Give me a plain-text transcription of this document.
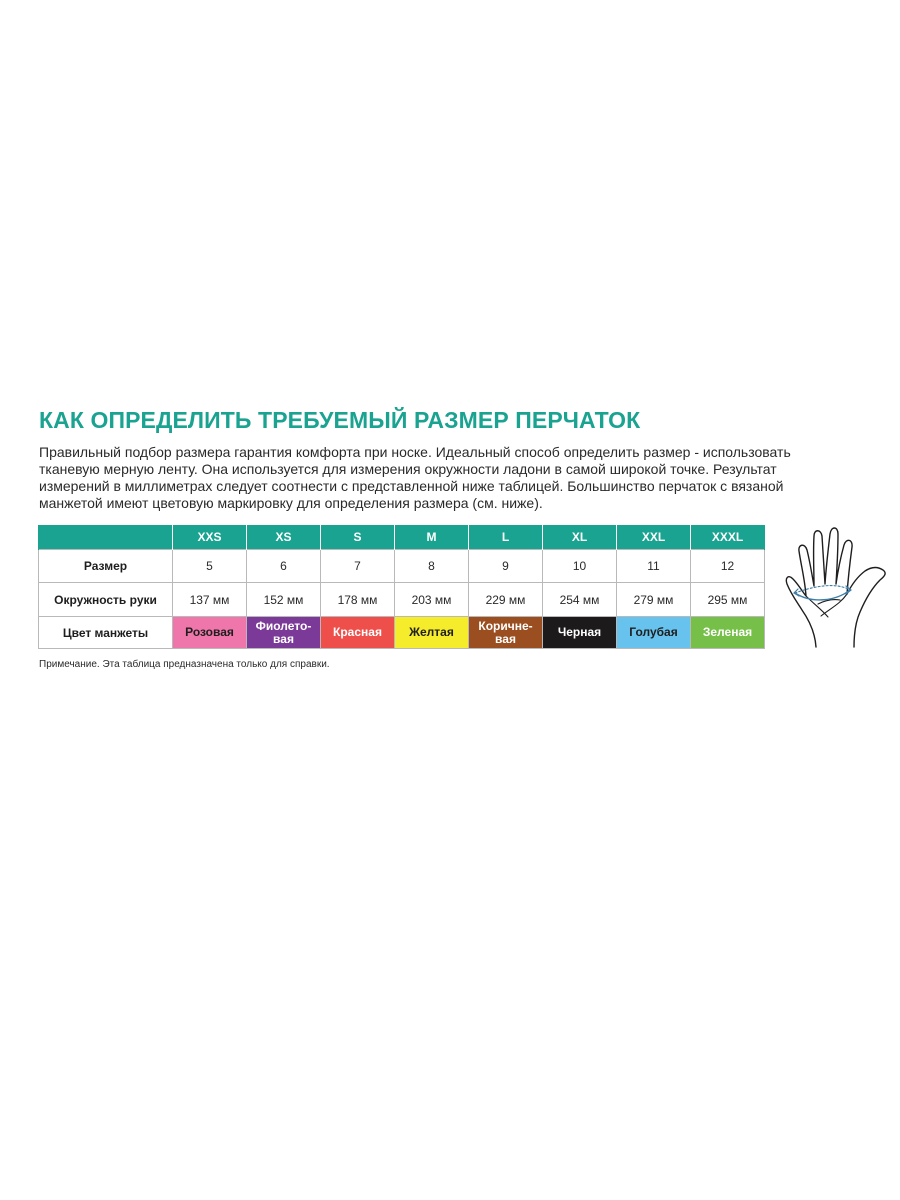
КАК ОПРЕДЕЛИТЬ ТРЕБУЕМЫЙ РАЗМЕР ПЕРЧАТОК

Правильный подбор размера гарантия комфорта при носке. Идеальный способ определить размер - использовать тканевую мерную ленту. Она используется для измерения окружности ладони в самой широкой точке. Результат измерений в миллиметрах следует соотнести с представленной ниже таблицей. Большинство перчаток с вязаной манжетой имеют цветовую маркировку для определения размера (см. ниже).

	XXS	XS	S	M	L	XL	XXL	XXXL
Размер	5	6	7	8	9	10	11	12
Окружность руки	137 мм	152 мм	178 мм	203 мм	229 мм	254 мм	279 мм	295 мм
Цвет манжеты	Розовая	Фиолето-вая	Красная	Желтая	Коричне-вая	Черная	Голубая	Зеленая

Примечание. Эта таблица предназначена только для справки.
